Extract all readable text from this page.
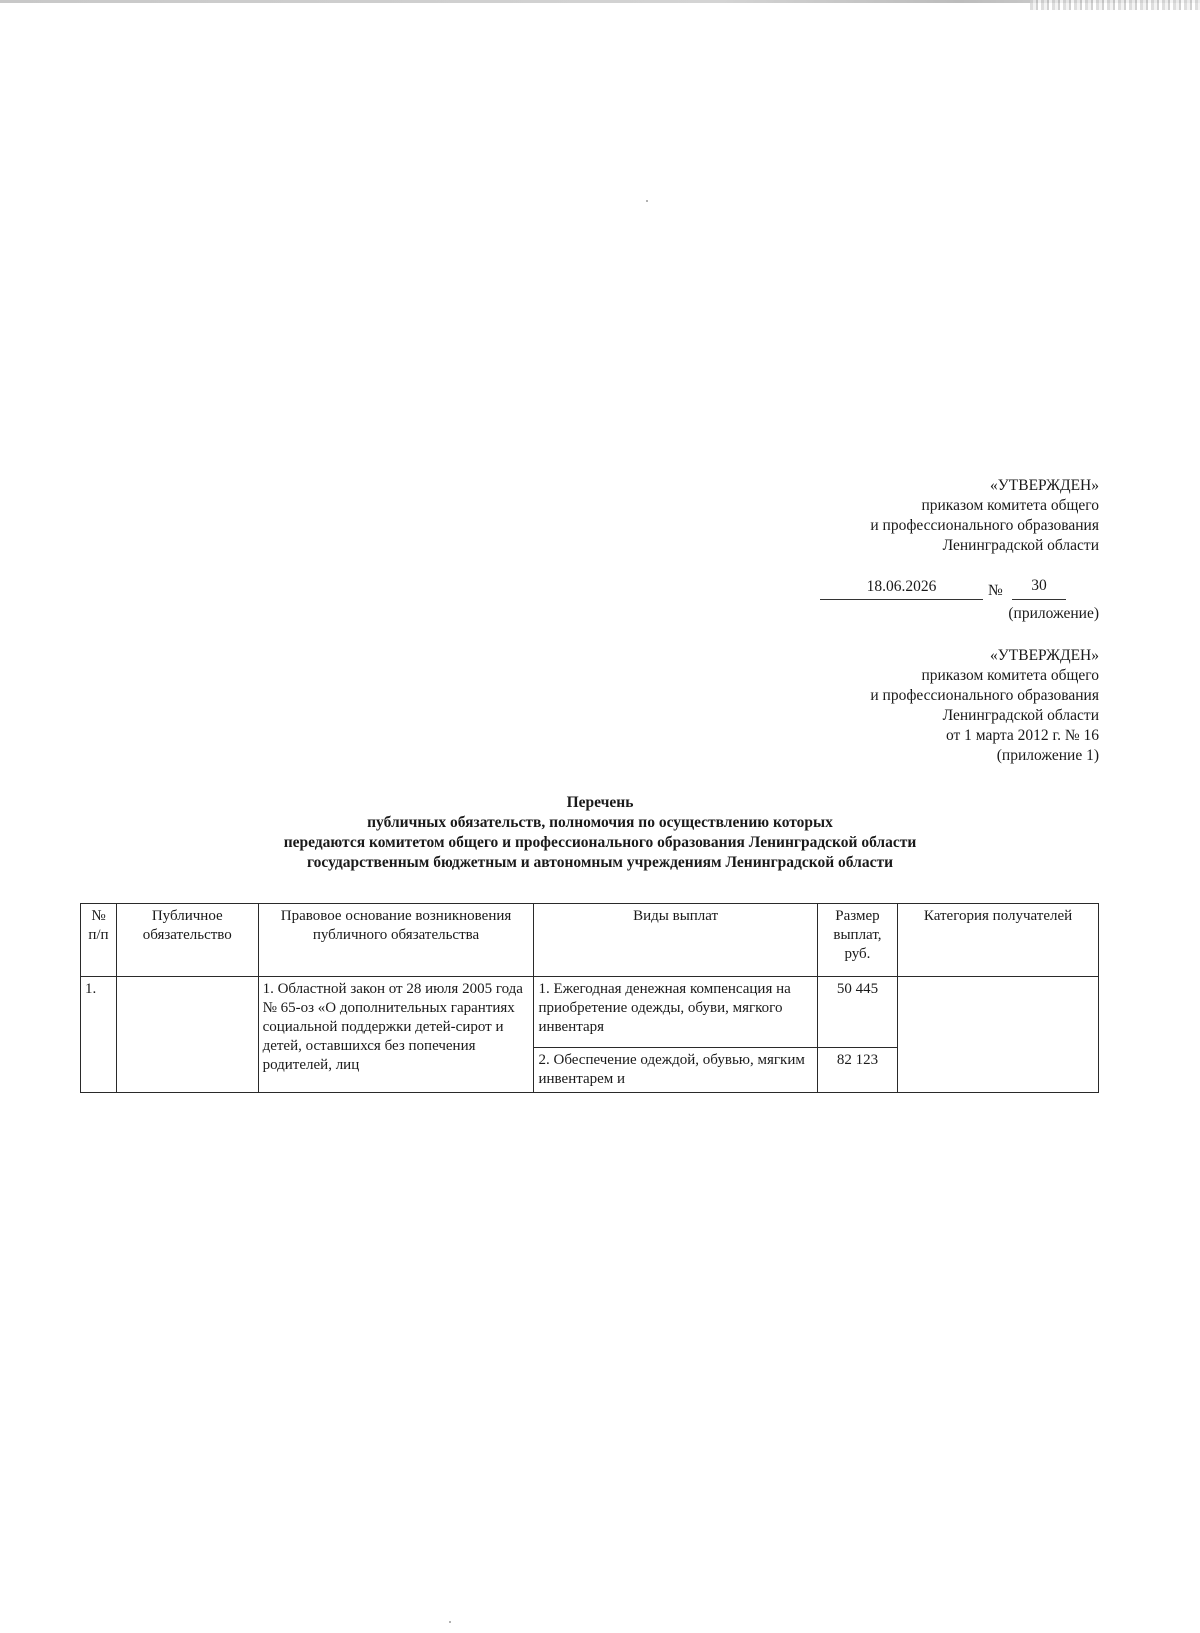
«УТВЕРЖДЕН»
приказом комитета общего
и профессионального образования
Ленинградской области
18.06.2026	№	30
(приложение)
«УТВЕРЖДЕН»
приказом комитета общего
и профессионального образования
Ленинградской области
от 1 марта 2012 г. № 16
(приложение 1)
Перечень
публичных обязательств, полномочия по осуществлению которых
передаются комитетом общего и профессионального образования Ленинградской области
государственным бюджетным и автономным учреждениям Ленинградской области
№ п/п	Публичное обязательство	Правовое основание возникновения публичного обязательства	Виды выплат	Размер выплат, руб.	Категория получателей
1.		1. Областной закон от 28 июля 2005 года № 65-оз «О дополнительных гарантиях социальной поддержки детей-сирот и детей, оставшихся без попечения родителей, лиц	1. Ежегодная денежная компенсация на приобретение одежды, обуви, мягкого инвентаря	50 445	
			2. Обеспечение одеждой, обувью, мягким инвентарем и	82 123	
